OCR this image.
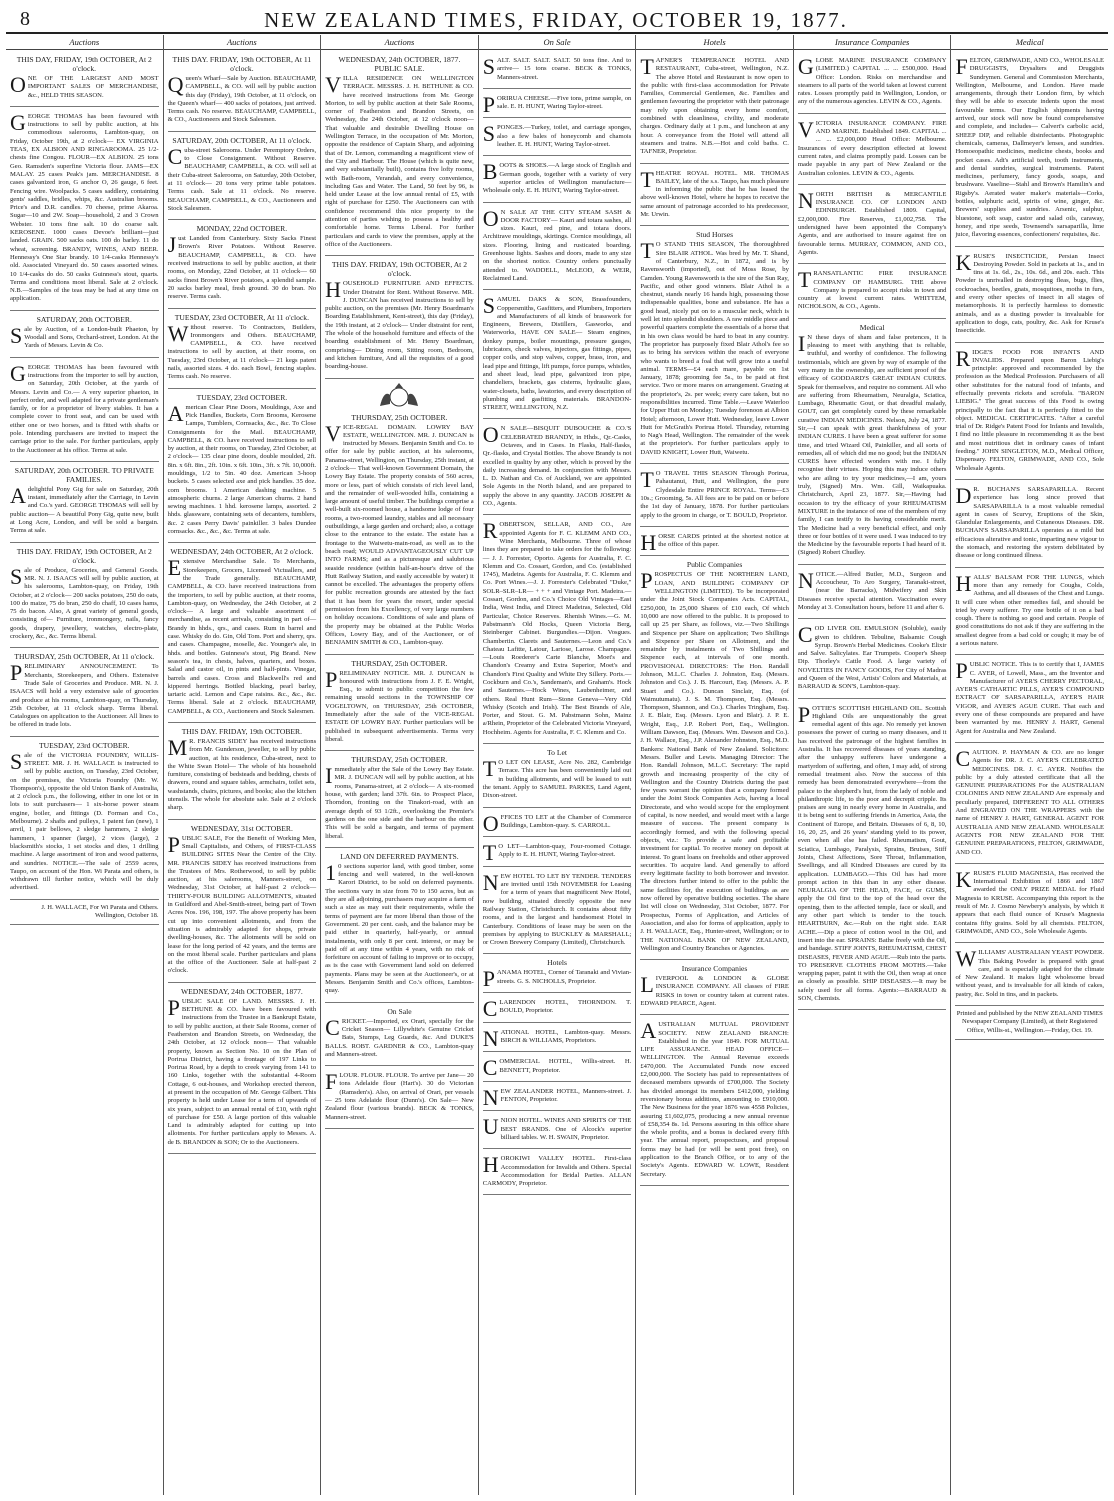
8	NEW ZEALAND TIMES, FRIDAY, OCTOBER 19, 1877.
Auctions
THIS DAY, FRIDAY, 19th OCTOBER, At 2 o'clock.

ONE OF THE LARGEST AND MOST IMPORTANT SALES OF MERCHANDISE, &c., HELD THIS SEASON.

GEORGE THOMAS has been favoured with instructions to sell by public auction, at his commodious salerooms, Lambton-quay, on Friday, October 19th, at 2 o'clock— EX VIRGINIA TEAS, EX ALBION AND RINGAROOMA. 25 1/2-chests fine Congou. FLOUR—EX ALBION. 25 tons Geo. Ramsden's superfine Victoria flour. JAMS—EX MALAY. 25 cases Peak's jam. MERCHANDISE. 8 cases galvanized iron, G anchor O, 26 gauge, 6 feet. Fencing wire. Woolpacks. 5 cases saddlery, containing gents' saddles, bridles, whips, &c. Australian brooms. Price's and D.R. candles. 70 cheese, prime Akaroa. Sugar—10 and 2W. Soap—household, 2 and 3 Crown Webster. 10 tons fine salt. 10 do coarse salt. KEROSENE. 1000 cases Devoe's brilliant—just landed. GRAIN. 500 sacks oats. 100 do barley. 11 do wheat, screening. BRANDY, WINES, AND BEER. Hennessy's One Star brandy. 10 1/4-casks Hennessy's old. Associated Vineyard do. 50 cases assorted wines. 10 1/4-casks do do. 50 casks Guinness's stout, quarts. Terms and conditions most liberal. Sale at 2 o'clock. N.B.—Samples of the teas may be had at any time on application.

SATURDAY, 20th OCTOBER.

Sale by Auction, of a London-built Phaeton, by Woodall and Sons, Orchard-street, London. At the Yards of Messrs. Levin & Co.

GEORGE THOMAS has been favoured with instructions from the importer to sell by auction, on Saturday, 20th October, at the yards of Messrs. Levin and Co.— A very superior phaeton, in perfect order, and well adapted for a private gentleman's family, or for a proprietor of livery stables. It has a complete cover to front seat, and can be used with either one or two horses, and is fitted with shafts or pole. Intending purchasers are invited to inspect the carriage prior to the sale. For further particulars, apply to the Auctioneer at his office. Terms at sale.

SATURDAY, 20th OCTOBER. TO PRIVATE FAMILIES.

A delightful Pony Gig for sale on Saturday, 20th instant, immediately after the Carriage, in Levin and Co.'s yard. GEORGE THOMAS will sell by public auction— A beautiful Pony Gig, quite new, built at Long Acre, London, and will be sold a bargain. Terms at sale.

THIS DAY. FRIDAY, 19th OCTOBER, At 2 o'clock.

Sale of Produce, Groceries, and General Goods. MR. N. J. ISAACS will sell by public auction, at his salerooms, Lambton-quay, on Friday, 19th October, at 2 o'clock— 200 sacks potatoes, 250 do oats, 100 do maize, 75 do bran, 250 do chaff, 10 cases hams, 75 do bacon. Also, A great variety of general goods, consisting of— Furniture, ironmongery, nails, fancy goods, drapery, jewellery, watches, electro-plate, crockery, &c., &c. Terms liberal.

THURSDAY, 25th OCTOBER, At 11 o'clock.

PRELIMINARY ANNOUNCEMENT. To Merchants, Storekeepers, and Others. Extensive Trade Sale of Groceries and Produce. MR. N. J. ISAACS will hold a very extensive sale of groceries and produce at his rooms, Lambton-quay, on Thursday, 25th October, at 11 o'clock sharp. Terms liberal. Catalogues on application to the Auctioneer. All lines to be offered in trade lots.

TUESDAY, 23rd OCTOBER.

Sale of the VICTORIA FOUNDRY, WILLIS-STREET. MR. J. H. WALLACE is instructed to sell by public auction, on Tuesday, 23rd October, on the premises, the Victoria Foundry (Mr. W. Thompson's), opposite the old Union Bank of Australia, at 2 o'clock p.m., the following, either in one lot or in lots to suit purchasers— 1 six-horse power steam engine, boiler, and fittings (D. Forman and Co., Melbourne). 2 shafts and pulleys, 1 patent fan (new), 1 anvil, 1 pair bellows, 2 sledge hammers, 2 sledge hammers, 1 spanner (large), 2 vices (large), 2 blacksmith's stocks, 1 set stocks and dies, 1 drilling machine. A large assortment of iron and wood patterns, and sundries. NOTICE.—The sale of 2559 acres, Taupo, on account of the Hon. Wi Parata and others, is withdrawn till further notice, which will be duly advertised.

J. H. WALLACE, For Wi Parata and Others. Wellington, October 18.
Auctions
THIS DAY. FRIDAY, 19th OCTOBER, At 11 o'clock.

Queen's Wharf—Sale by Auction. BEAUCHAMP, CAMPBELL, & CO. will sell by public auction this day (Friday), 19th October, at 11 o'clock, on the Queen's wharf— 400 sacks of potatoes, just arrived. Terms cash. No reserve. BEAUCHAMP, CAMPBELL, & CO., Auctioneers and Stock Salesmen.

SATURDAY, 20th OCTOBER, At 11 o'clock.

Cuba-street Salerooms. Under Peremptory Orders, to Close Consignment. Without Reserve. BEAUCHAMP, CAMPBELL, & CO. will sell at their Cuba-street Salerooms, on Saturday, 20th October, at 11 o'clock— 20 tons very prime table potatoes. Terms cash. Sale at 11 o'clock. No reserve. BEAUCHAMP, CAMPBELL, & CO., Auctioneers and Stock Salesmen.

MONDAY, 22nd OCTOBER.

Just Landed from Canterbury. Sixty Sacks Finest Brown's River Potatoes. Without Reserve. BEAUCHAMP, CAMPBELL, & CO. have received instructions to sell by public auction, at their rooms, on Monday, 22nd October, at 11 o'clock— 60 sacks finest Brown's River potatoes, a splendid sample. 20 sacks barley meal, fresh ground. 30 do bran. No reserve. Terms cash.

TUESDAY, 23rd OCTOBER, At 11 o'clock.

Without reserve. To Contractors, Builders, Ironmongers and Others. BEAUCHAMP, CAMPBELL, & CO. have received instructions to sell by auction, at their rooms, on Tuesday, 23rd October, at 11 o'clock— 21 kegs patent nails, assorted sizes. 4 do. each Bowl, fencing staples. Terms cash. No reserve.

TUESDAY, 23rd OCTOBER.

American Clear Pine Doors, Mouldings, Axe and Pick Handles, Buckets, Corn Brooms, Kerosene Lamps, Tumblers, Cornsacks, &c., &c. To Close Consignments for the Mail. BEAUCHAMP, CAMPBELL, & CO. have received instructions to sell by auction, at their rooms, on Tuesday, 23rd October, at 2 o'clock— 135 clear pine doors, double moulded, 2ft. 8in. x 6ft. 8in., 2ft. 10in. x 6ft. 10in., 3ft. x 7ft. 10,000ft. mouldings, 1/2 to 5in. 40 doz. American 3-hoop buckets. 5 cases selected axe and pick handles. 35 doz. corn brooms. 1 American dashing machine. 5 atmospheric churns. 2 large American churns. 2 hand sewing machines. 1 hhd. kerosene lamps, assorted. 2 hhds. glassware, containing sets of decanters, tumblers, &c. 2 cases Perry Davis' painkiller. 3 bales Dundee cornsacks. &c., &c., &c. Terms at sale.

WEDNESDAY, 24th OCTOBER, At 2 o'clock.

Extensive Merchandise Sale. To Merchants, Storekeepers, Grocers, Licensed Victuallers, and the Trade generally. BEAUCHAMP, CAMPBELL, & CO. have received instructions from the importers, to sell by public auction, at their rooms, Lambton-quay, on Wednesday, the 24th October, at 2 o'clock— A large and valuable assortment of merchandise, as recent arrivals, consisting in part of— Brandy in hhds., qrs., and cases. Rum in barrel and case. Whisky do do. Gin, Old Tom. Port and sherry, qrs. and cases. Champagne, moselle, &c. Younger's ale, in hhds. and bottles. Guinness's stout, Pig Brand. New season's tea, in chests, halves, quarters, and boxes. Salad and castor oil, in pints and half-pints. Vinegar, barrels and cases. Cross and Blackwell's red and kippered herrings. Bottled blacking, pearl barley, tartaric acid. Lemon and Cape raisins. &c., &c., &c. Terms liberal. Sale at 2 o'clock. BEAUCHAMP, CAMPBELL, & CO., Auctioneers and Stock Salesmen.

THIS DAY. FRIDAY, 19th OCTOBER.

M R. FRANCIS SIDEY has received instructions from Mr. Gunderson, jeweller, to sell by public auction, at his residence, Cuba-street, next to the White Swan Hotel— The whole of his household furniture, consisting of bedsteads and bedding, chests of drawers, round and square tables, armchairs, toilet sets, washstands, chairs, pictures, and books; also the kitchen utensils. The whole for absolute sale. Sale at 2 o'clock sharp.

WEDNESDAY, 31st OCTOBER.

PUBLIC SALE, For the Benefit of Working Men, Small Capitalists, and Others, of FIRST-CLASS BUILDING SITES Near the Centre of the City. MR. FRANCIS SIDEY has received instructions from the Trustees of Mrs. Rotherwood, to sell by public auction, at his salerooms, Manners-street, on Wednesday, 31st October, at half-past 2 o'clock— THIRTY-FOUR BUILDING ALLOTMENTS, situated in Guildford and Abel-Smith-street, being part of Town Acres Nos. 196, 198, 197. The above property has been cut up into convenient allotments, and from the situation is admirably adapted for shops, private dwelling-houses, &c. The allotments will be sold on lease for the long period of 42 years, and the terms are on the most liberal scale. Further particulars and plans at the office of the Auctioneer. Sale at half-past 2 o'clock.

WEDNESDAY, 24th OCTOBER, 1877.

PUBLIC SALE OF LAND. MESSRS. J. H. BETHUNE & CO. have been favoured with instructions from the Trustee in a Bankrupt Estate, to sell by public auction, at their Sale Rooms, corner of Featherston and Brandon Streets, on Wednesday, the 24th October, at 12 o'clock noon— That valuable property, known as Section No. 10 on the Plan of Porirua District, having a frontage of 197 Links to Porirua Road, by a depth to creek varying from 141 to 160 Links, together with the substantial 4-Room Cottage, 6 out-houses, and Workshop erected thereon, at present in the occupation of Mr. George Gilbert. This property is held under Lease for a term of upwards of six years, subject to an annual rental of £10, with right of purchase for £50. A large portion of this valuable Land is admirably adapted for cutting up into allotments. For further particulars apply to Messrs. A. de B. BRANDON & SON; Or to the Auctioneers.

Auctions
WEDNESDAY, 24th OCTOBER, 1877. PUBLIC SALE.

VILLA RESIDENCE ON WELLINGTON TERRACE. MESSRS. J. H. BETHUNE & CO. have received instructions from Mr. George Morton, to sell by public auction at their Sale Rooms, corner of Featherston and Brandon Streets, on Wednesday, the 24th October, at 12 o'clock noon— That valuable and desirable Dwelling House on Wellington Terrace, in the occupation of Mr. Morton, opposite the residence of Captain Sharp, and adjoining that of Dr. Lemon, commanding a magnificent view of the City and Harbour. The House (which is quite new, and very substantially built), contains five lofty rooms, with Bath-room, Verandah, and every convenience, including Gas and Water. The Land, 50 feet by 96, is held under Lease at the low annual rental of £5, with right of purchase for £250. The Auctioneers can with confidence recommend this nice property to the attention of parties wishing to possess a healthy and comfortable home. Terms Liberal. For further particulars and cards to view the premises, apply at the office of the Auctioneers.

THIS DAY. FRIDAY, 19th OCTOBER, At 2 o'clock.

HOUSEHOLD FURNITURE AND EFFECTS. Under Distraint for Rent. Without Reserve. MR. J. DUNCAN has received instructions to sell by public auction, on the premises (Mr. Henry Boardman's Boarding Establishment, Kent-street), this day (Friday), the 19th instant, at 2 o'clock— Under distraint for rent, The whole of the household furniture and effects of the boarding establishment of Mr. Henry Boardman, comprising— Dining room, Sitting room, Bedroom, and kitchen furniture, And all the requisites of a good boarding-house.

THURSDAY, 25th OCTOBER.

VICE-REGAL DOMAIN. LOWRY BAY ESTATE, WELLINGTON. MR. J. DUNCAN is instructed by Messrs. Benjamin Smith and Co. to offer for sale by public auction, at his salerooms, Panama-street, Wellington, on Thursday, 25th instant, at 2 o'clock— That well-known Government Domain, the Lowry Bay Estate. The property consists of 560 acres, more or less, part of which consists of rich level land, and the remainder of well-wooded hills, containing a large amount of useful timber. The buildings comprise a well-built six-roomed house, a handsome lodge of four rooms, a two-roomed laundry, stables and all necessary outbuildings, a large garden and orchard; also, a cottage close to the entrance to the estate. The estate has a frontage to the Waiwetu-main-road, as well as to the beach road; WOULD ADVANTAGEOUSLY CUT UP INTO FARMS; and as a picturesque and salubrious seaside residence (within half-an-hour's drive of the Hutt Railway Station, and easily accessible by water) it cannot be excelled. The advantages the property offers for public recreation grounds are attested by the fact that it has been for years the resort, under special permission from his Excellency, of very large numbers on holiday occasions. Conditions of sale and plans of the property may be obtained at the Public Works Offices, Lowry Bay, and of the Auctioneer, or of BENJAMIN SMITH & CO., Lambton-quay.

THURSDAY, 25th OCTOBER.

PRELIMINARY NOTICE. MR. J. DUNCAN is honoured with instructions from J. F. E. Wright, Esq., to submit to public competition the few remaining unsold sections in the TOWNSHIP OF VOGELTOWN, on THURSDAY, 25th OCTOBER, Immediately after the sale of the VICE-REGAL ESTATE OF LOWRY BAY. Further particulars will be published in subsequent advertisements. Terms very liberal.

THURSDAY, 25th OCTOBER.

Immediately after the Sale of the Lowry Bay Estate. MR. J. DUNCAN will sell by public auction, at his rooms, Panama-street, at 2 o'clock— A six-roomed house, with garden; land 37ft. 6in. to Prospect Place, Thorndon, fronting on the Tinakori-road, with an average depth of 93 1/2ft., overlooking the Premier's gardens on the one side and the harbour on the other. This will be sold a bargain, and terms of payment liberal.

LAND ON DEFERRED PAYMENTS.

1 0 sections superior land, with good timber, some fencing and well watered, in the well-known Karori District, to be sold on deferred payments. The sections vary in size from 70 to 150 acres, but as they are all adjoining, purchasers may acquire a farm of such a size as may suit their requirements, while the terms of payment are far more liberal than those of the Government. 20 per cent. cash, and the balance may be paid either in quarterly, half-yearly, or annual instalments, with only 8 per cent. interest, or may be paid off at any time within 4 years, with no risk of forfeiture on account of failing to improve or to occupy, as is the case with Government land sold on deferred payments. Plans may be seen at the Auctioneer's, or at Messrs. Benjamin Smith and Co.'s offices, Lambton-quay.

On Sale

CRICKET.—Imported, ex Orari, specially for the Cricket Season— Lillywhite's Genuine Cricket Bats, Stumps, Leg Guards, &c. And DUKE'S BALLS. ROBT. GARDNER & CO., Lambton-quay and Manners-street.

FLOUR. FLOUR. FLOUR. To arrive per Jane— 20 tons Adelaide flour (Hart's). 30 do Victorian (Ramsden's). Also, on arrival of Orari, per vessels— 25 tons Adelaide flour (Dunn's). On Sale— New Zealand flour (various brands). BECK & TONKS, Manners-street.

On Sale

SALT. SALT. SALT. SALT. 50 tons fine. And to arrive— 15 tons coarse. BECK & TONKS, Manners-street.

PORIRUA CHEESE.—Five tons, prime sample, on sale. E. H. HUNT, Waring Taylor-street.

SPONGES.—Turkey, toilet, and carriage sponges, also a few bales of honeycomb and chamois leather. E. H. HUNT, Waring Taylor-street.

BOOTS & SHOES.—A large stock of English and German goods, together with a variety of very superior articles of Wellington manufacture—Wholesale only. E. H. HUNT, Waring Taylor-street.

O N SALE AT THE CITY STEAM SASH & DOOR FACTORY— Kauri and totara sashes, all sizes. Kauri, red pine, and totara doors. Architrave mouldings, skirtings. Cornice mouldings, all sizes. Flooring, lining and rusticated boarding. Greenhouse lights. Sashes and doors, made to any size on the shortest notice. Country orders punctually attended to. WADDELL, McLEOD, & WEIR, Reclaimed Land.

SAMUEL DAKS & SON, Brassfounders, Coppersmiths, Gasfitters, and Plumbers, Importers and Manufacturers of all kinds of brasswork for Engineers, Brewers, Distillers, Gasworks, and Waterworks, HAVE ON SALE— Steam engines, donkey pumps, boiler mountings, pressure gauges, lubricators, check valves, injectors, gas fittings, pipes, copper coils, and stop valves, copper, brass, iron, and lead pipe and fittings, lift pumps, force pumps, whistles, and sheet lead, lead pipe, galvanized iron pipe, chandeliers, brackets, gas cisterns, hydraulic glass, water-closets, baths, lavatories, and every description of plumbing and gasfitting materials. BRANDON-STREET, WELLINGTON, N.Z.

O N SALE—BISQUIT DUBOUCHE & CO.'S CELEBRATED BRANDY, in Hhds., Qr.-Casks, Octaves, and in Cases. In Flasks, Half-flasks, Qr.-flasks, and Crystal Bottles. The above Brandy is not excelled in quality by any other, which is proved by the daily increasing demand. In conjunction with Messrs. L. D. Nathan and Co. of Auckland, we are appointed Sole Agents in the North Island, and are prepared to supply the above in any quantity. JACOB JOSEPH & CO., Agents.

ROBERTSON, SELLAR, AND CO., Are appointed Agents for F. C. KLEMM AND CO., Wine Merchants, Melbourne. Three of whose lines they are prepared to take orders for the following:— J. J. Forrester, Oporto. Agents for Australia, F. C. Klemm and Co. Cossart, Gordon, and Co. (established 1745), Madeira. Agents for Australia, F. C. Klemm and Co. Port Wines.—J. J. Forrester's Celebrated "Duke," SOLR–SLR–LR— + + + and Vintage Port. Madeira.—Cossart, Gordon, and Co.'s Choice Old Vintages—East India, West India, and Direct Madeiras, Selected, Old Particular, Choice Reserves. Rhenish Wines.—G. M. Pabstmann's Old Hocks, Queen Victoria Berg, Steinberger Cabinet. Burgundies.—Dijon. Vosgues. Chambertin. Clarets and Sauternes.—Leon and Co.'s Chateau Lafitte, Latour, Lariose, Larose. Champagne.—Louis Roederer's Carte Blanche, Moet's and Chandon's Creamy and Extra Superior, Moet's and Chandon's First Quality and White Dry Sillery. Ports.—Cockburn and Co.'s, Sandeman's, and Graham's. Hock and Sauternes.—Hock Wines, Laubenheimer, and others. Real Hunt Rum—Stone Geneva—Very Old Whisky (Scotch and Irish). The Best Brands of Ale, Porter, and Stout. G. M. Pabstmann Sohn, Mainz a/Rhein, Proprietor of the Celebrated Victoria Vineyard, Hochheim. Agents for Australia, F. C. Klemm and Co.

To Let

T O LET ON LEASE, Acre No. 282, Cambridge Terrace. This acre has been conveniently laid out in building allotments, and will be leased to suit the tenant. Apply to SAMUEL PARKES, Land Agent, Dixon-street.

OFFICES TO LET at the Chamber of Commerce Buildings, Lambton-quay. S. CARROLL.

T O LET—Lambton-quay, Four-roomed Cottage. Apply to E. H. HUNT, Waring Taylor-street.

NEW HOTEL TO LET BY TENDER. TENDERS are invited until 15th NOVEMBER for Leasing for a term of years that magnificent New Hotel, now building, situated directly opposite the new Railway Station, Christchurch. It contains about fifty rooms, and is the largest and handsomest Hotel in Canterbury. Conditions of lease may be seen on the premises by applying to BUCKLEY & MARSHALL; or Crown Brewery Company (Limited), Christchurch.

Hotels

PANAMA HOTEL, Corner of Taranaki and Vivian-streets. G. S. NICHOLLS, Proprietor.

CLARENDON HOTEL, THORNDON. T. BOULD, Proprietor.

NATIONAL HOTEL, Lambton-quay. Messrs. BIRCH & WILLIAMS, Proprietors.

COMMERCIAL HOTEL, Willis-street. H. BENNETT, Proprietor.

NEW ZEALANDER HOTEL, Manners-street. J. FENTON, Proprietor.

UNION HOTEL. WINES AND SPIRITS OF THE BEST BRANDS. One of Alcock's superior billiard tables. W. H. SWAIN, Proprietor.

HOROKIWI VALLEY HOTEL. First-class Accommodation for Invalids and Others. Special Accommodation for Bridal Parties. ALLAN CARMODY, Proprietor.

Hotels

TAFNER'S TEMPERANCE HOTEL AND RESTAURANT, Cuba-street, Wellington, N.Z. The above Hotel and Restaurant is now open to the public with first-class accommodation for Private Families, Commercial Gentlemen, &c. Families and gentlemen favouring the proprietor with their patronage may rely upon obtaining every home comfort, combined with cleanliness, civility, and moderate charges. Ordinary daily at 1 p.m., and luncheon at any hour. A conveyance from the Hotel will attend all steamers and trains. N.B.—Hot and cold baths. C. TAFNER, Proprietor.

THEATRE ROYAL HOTEL. MR. THOMAS BAILEY, late of the s.s. Taupo, has much pleasure in informing the public that he has leased the above well-known Hotel, where he hopes to receive the same amount of patronage accorded to his predecessor, Mr. Urwin.

Stud Horses

T O STAND THIS SEASON, The thoroughbred Sire BLAIR ATHOL. Was bred by Mr. T. Shand, of Canterbury, N.Z., in 1872, and is by Ravensworth (imported), out of Moss Rose, by Camden. Young Ravensworth is the sire of the Sun Ray, Pacific, and other good winners. Blair Athol is a chestnut, stands nearly 16 hands high, possessing those indispensable qualities, bone and substance. He has a good head, nicely put on to a muscular neck, which is well let into splendid shoulders. A raw middle piece and powerful quarters complete the essentials of a horse that in his own class would be hard to beat in any country. The proprietor has purposely fixed Blair Athol's fee so as to bring his services within the reach of everyone who wants to breed a foal that will grow into a useful animal. TERMS—£4 each mare, payable on 1st January, 1878; grooming fee 5s., to be paid at first service. Two or more mares on arrangement. Grazing at the proprietor's, 2s. per week; every care taken, but no responsibilities incurred. Time Table.—Leave Waterloo for Upper Hutt on Monday; Tuesday forenoon at Albion Hotel; afternoon, Lower Hutt. Wednesday, leave Lower Hutt for McGrath's Porirua Hotel. Thursday, returning to Nag's Head, Wellington. The remainder of the week at the proprietor's. For further particulars apply to DAVID KNIGHT, Lower Hutt, Waiwetu.

T O TRAVEL THIS SEASON Through Porirua, Pahautanui, Hutt, and Wellington, the pure Clydesdale Entire PRINCE ROYAL. Terms—£3 10s.; Grooming, 5s. All fees are to be paid on or before the 1st day of January, 1878. For further particulars apply to the groom in charge, or T. BOULD, Proprietor.

HORSE CARDS printed at the shortest notice at the office of this paper.

Public Companies

PROSPECTUS OF THE NORTHERN LAND, LOAN, AND BUILDING COMPANY OF WELLINGTON (LIMITED). To be incorporated under the Joint Stock Companies Acts. CAPITAL, £250,000, In 25,000 Shares of £10 each, Of which 10,000 are now offered to the public. It is proposed to call up 25 per Share, as follows, viz.—Two Shillings and Sixpence per Share on application; Two Shillings and Sixpence per Share on Allotment, and the remainder by instalments of Two Shillings and Sixpence each, at intervals of one month. PROVISIONAL DIRECTORS: The Hon. Randall Johnson, M.L.C. Charles J. Johnston, Esq. (Messrs. Johnston and Co.). J. B. Harcourt, Esq. (Messrs. A. P. Stuart and Co.). Duncan Sinclair, Esq. (of Waimutumatu). J. S. M. Thompson, Esq. (Messrs. Thompson, Shannon, and Co.). Charles Tringham, Esq. J. E. Blair, Esq. (Messrs. Lyon and Blair). J. P. E. Wright, Esq., J.P. Robert Port, Esq., Wellington. William Dawson, Esq. (Messrs. Wm. Dawson and Co.). J. H. Wallace, Esq., J.P. Alexander Johnston, Esq., M.D. Bankers: National Bank of New Zealand. Solicitors: Messrs. Buller and Lewis. Managing Director: The Hon. Randall Johnson, M.L.C. Secretary: The rapid growth and increasing prosperity of the city of Wellington and the Country Districts during the past few years warrant the opinion that a company formed under the Joint Stock Companies Acts, having a local Directorate, and who would scope for the employment of capital, is now needed, and would meet with a large measure of success. The present company is accordingly formed, and with the following special objects, viz.: To provide a safe and profitable investment for capital. To receive money on deposit at interest. To grant loans on freeholds and other approved securities. To acquire land. And generally to afford every legitimate facility to both borrower and investor. The directors further intend to offer to the public the same facilities for, the execution of buildings as are now offered by operative building societies. The share list will close on Wednesday, 31st October, 1877. For Prospectus, Forms of Application, and Articles of Association, and also for forms of application, apply to J. H. WALLACE, Esq., Hunter-street, Wellington; or to THE NATIONAL BANK OF NEW ZEALAND, Wellington and Country Branches or Agencies.

Insurance Companies

LIVERPOOL & LONDON & GLOBE INSURANCE COMPANY. All classes of FIRE RISKS in town or country taken at current rates. EDWARD PEARCE, Agent.

AUSTRALIAN MUTUAL PROVIDENT SOCIETY. NEW ZEALAND BRANCH: Established in the year 1849. FOR MUTUAL LIFE ASSURANCE. HEAD OFFICE—WELLINGTON. The Annual Revenue exceeds £470,000. The Accumulated Funds now exceed £2,000,000. The Society has paid to representatives of deceased members upwards of £700,000. The Society has divided amongst its members £412,000, yielding reversionary bonus additions, amounting to £910,000. The New Business for the year 1876 was 4558 Policies, assuring £1,602,075, producing a new annual revenue of £58,354 8s. 1d. Persons assuring in this office share the whole profits, and a bonus is declared every fifth year. The annual report, prospectuses, and proposal forms may be had (or will be sent post free), on application to the Branch Office, or to any of the Society's Agents. EDWARD W. LOWE, Resident Secretary.

Insurance Companies

GLOBE MARINE INSURANCE COMPANY (LIMITED.) CAPITAL ... ... £500,000. Head Office: London. Risks on merchandise and steamers to all parts of the world taken at lowest current rates. Losses promptly paid in Wellington, London, or any of the numerous agencies. LEVIN & CO., Agents.

VICTORIA INSURANCE COMPANY. FIRE AND MARINE. Established 1849. CAPITAL ... ... ... £2,000,000 Head Office: Melbourne. Insurances of every description effected at lowest current rates, and claims promptly paid. Losses can be made payable in any part of New Zealand or the Australian colonies. LEVIN & CO., Agents.

NORTH BRITISH & MERCANTILE INSURANCE CO. OF LONDON AND EDINBURGH. Established 1809. Capital, £2,000,000. Fire Reserves, £1,002,758. The undersigned have been appointed the Company's Agents, and are authorised to insure against fire on favourable terms. MURRAY, COMMON, AND CO., Agents.

TRANSATLANTIC FIRE INSURANCE COMPANY OF HAMBURG. THE above Company is prepared to accept risks in town and country at lowest current rates. WHITTEM, NICHOLSON, & CO., Agents.

Medical

I N these days of sham and false pretences, it is pleasing to meet with anything that is reliable, truthful, and worthy of confidence. The following testimonials, which are given by way of example of the very many in the ownership, are sufficient proof of the efficacy of GODDARD'S GREAT INDIAN CURES. Speak for themselves, and require no comment. All who are suffering from Rheumatism, Neuralgia, Sciatica, Lumbago, Rheumatic Gout, or that dreadful malady, GOUT, can get completely cured by these remarkable curative INDIAN MEDICINES. Nelson, July 24, 1877. Sir,—I can speak with great thankfulness of your INDIAN CURES. I have been a great sufferer for some time, and tried Wizard Oil, Painkiller, and all sorts of remedies, all of which did me no good; but the INDIAN CURES have effected wonders with me. I fully recognise their virtues. Hoping this may induce others who are ailing to try your medicines,—I am, yours truly, (Signed) Mrs. Wm. Gill, Waikapuaka. Christchurch, April 23, 1877. Sir,—Having had occasion to try the efficacy of your RHEUMATISM MIXTURE in the instance of one of the members of my family, I can testify to its having considerable merit. The Medicine had a very beneficial effect, and only three or four bottles of it were used. I was induced to try the Medicine by the favourable reports I had heard of it. (Signed) Robert Chudley.

NOTICE.—Alfred Butler, M.D., Surgeon and Accoucheur, To Aro Surgery, Taranaki-street, (near the Barracks), Midwifery and Skin Diseases receive special attention. Vaccination every Monday at 3. Consultation hours, before 11 and after 6.

COD LIVER OIL EMULSION (Soluble), easily given to children. Tebuline, Balsamic Cough Syrup. Brown's Herbal Medicines. Cooke's Elixir and Salve. Salicylates. Ear Trumpets. Cooper's Sheep Dip. Thorley's Cattle Food. A large variety of NOVELTIES IN FANCY GOODS, For City of Madras and Queen of the West, Artists' Colors and Materials, at BARRAUD & SON'S, Lambton-quay.

POTTIE'S SCOTTISH HIGHLAND OIL. Scottish Highland Oils are unquestionably the great remedial agent of this age. No remedy yet known possesses the power of curing so many diseases, and it has received the patronage of the highest families in Australia. It has recovered diseases of years standing, after the unhappy sufferers have undergone a martyrdom of suffering, and often, I may add, of strong remedial treatment also. Now the success of this remedy has been demonstrated everywhere—from the palace to the shepherd's hut, from the lady of noble and philanthropic life, to the poor and decrepit cripple. Its praises are sung in nearly every home in Australia, and it is being sent to suffering friends in America, Asia, the Continent of Europe, and Britain. Diseases of 6, 8, 10, 16, 20, 25, and 26 years' standing yield to its power, even when all else has failed. Rheumatism, Gout, Sciatica, Lumbago, Paralysis, Sprains, Bruises, Stiff Joints, Chest Affections, Sore Throat, Inflammation, Swellings, and all Kindred Diseases are cured by its application. LUMBAGO.—This Oil has had more prompt action in this than in any other disease. NEURALGIA OF THE HEAD, FACE, or GUMS, apply the Oil first to the top of the head over the opening, then to the affected temple, face or skull, and any other part which is tender to the touch. HEARTBURN, &c.—Rub on the right side. EAR ACHE.—Dip a piece of cotton wool in the Oil, and insert into the ear. SPRAINS: Bathe freely with the Oil, and bandage. STIFF JOINTS, RHEUMATISM, CHEST DISEASES, FEVER AND AGUE.—Rub into the parts. TO PRESERVE CLOTHES FROM MOTHS.—Take wrapping paper, paint it with the Oil, then wrap at once as closely as possible. SHIP DISEASES.—It may be safely used for all forms. Agents:—BARRAUD & SON, Chemists.

Medical

FELTON, GRIMWADE, AND CO., WHOLESALE DRUGGISTS, Drysalters and Druggists Sundrymen. General and Commission Merchants, Wellington, Melbourne, and London. Have made arrangements, through their London firm, by which they will be able to execute indents upon the most favourable terms. Our English shipments having arrived, our stock will now be found comprehensive and complete, and includes— Calvert's carbolic acid, SHEEP DIP, and reliable disinfectants. Photographic chemicals, cameras, Dallmeyer's lenses, and sundries. Homoeopathic medicines, medicine chests, books and pocket cases. Adt's artificial teeth, tooth instruments, and dental sundries, surgical instruments. Patent medicines, perfumery, fancy goods, soaps, and brushware. Vaseline—Stahl and Brown's Hamilin's and Rigsby's. Aerated water maker's materials—Corks, bottles, sulphuric acid, spirits of wine, ginger, &c. Brewers' supplies and sundries. Arsenic, sulphur, bluestone, soft soap, castor and salad oils, caraway, honey, and ripe seeds, Townsend's sarsaparilla, lime juice, flavoring essences, confectioners' requisites, &c.

KRUSE'S INSECTICIDE, Persian Insect Destroying Powder. Sold in packets at 1s., and in tins at 1s. 6d., 2s., 10s. 6d., and 20s. each. This Powder is unrivalled in destroying fleas, bugs, flies, cockroaches, beetles, gnats, mosquitoes, moths in furs, and every other species of insect in all stages of metamorphosis. It is perfectly harmless to domestic animals, and as a dusting powder is invaluable for application to dogs, cats, poultry, &c. Ask for Kruse's Insecticide.

RIDGE'S FOOD FOR INFANTS AND INVALIDS. Prepared upon Baron Liebig's principle: approved and recommended by the profession as the Medical Profession. Purchasers of all other substitutes for the natural food of infants, and effectually prevents rickets and scrofula. "BARON LIEBIG." The great success of this Food is owing principally to the fact that it is perfectly fitted to the object. MEDICAL CERTIFICATES. "After a careful trial of Dr. Ridge's Patent Food for Infants and Invalids, I find no little pleasure in recommending it as the best and most nutritious diet in ordinary cases of infant feeding." JOHN SINGLETON, M.D., Medical Officer, Dispensary. FELTON, GRIMWADE, AND CO., Sole Wholesale Agents.

D R. BUCHAN'S SARSAPARILLA. Recent experience has long since proved that SARSAPARILLA is a most valuable remedial agent in cases of Scurvy, Eruptions of the Skin, Glandular Enlargements, and Cutaneous Diseases. DR. BUCHAN'S SARSAPARILLA operates as a mild but efficacious alterative and tonic, imparting new vigour to the stomach, and restoring the system debilitated by disease or long continued illness.

HALLS' BALSAM FOR THE LUNGS, which more than any remedy for Coughs, Colds, Asthma, and all diseases of the Chest and Lungs. It will cure when other remedies fail, and should be tried by every sufferer. Try one bottle of it on a bad cough. There is nothing so good and certain. People of good constitutions do not ask if they are suffering in the smallest degree from a bad cold or cough; it may be of a serious nature.

PUBLIC NOTICE. This is to certify that I, JAMES C. AYER, of Lowell, Mass., am the Inventor and Manufacturer of AYER'S CHERRY PECTORAL, AYER'S CATHARTIC PILLS, AYER'S COMPOUND EXTRACT OF SARSAPARILLA, AYER'S HAIR VIGOR, and AYER'S AGUE CURE. That each and every one of these compounds are prepared and have been warranted by me. HENRY J. HART, General Agent for Australia and New Zealand.

CAUTION. P. HAYMAN & CO. are no longer Agents for DR. J. C. AYER'S CELEBRATED MEDICINES. DR. J. C. AYER. Notifies the public by a duly attested certificate that all the GENUINE PREPARATIONS For the AUSTRALIAN COLONIES AND NEW ZEALAND Are expressly and peculiarly prepared, DIFFERENT TO ALL OTHERS And ENGRAVED ON THE WRAPPERS with the name of HENRY J. HART, GENERAL AGENT FOR AUSTRALIA AND NEW ZEALAND. WHOLESALE AGENTS FOR NEW ZEALAND FOR THE GENUINE PREPARATIONS, FELTON, GRIMWADE, AND CO.

KRUSE'S FLUID MAGNESIA, Has received the International Exhibition of 1866 and 1867 awarded the ONLY PRIZE MEDAL for Fluid Magnesia to KRUSE. Accompanying this report is the result of Mr. J. Cosmo Newbery's analysis, by which it appears that each fluid ounce of Kruse's Magnesia contains fifty grains. Sold by all chemists. FELTON, GRIMWADE, AND CO., Sole Wholesale Agents.

WILLIAMS' AUSTRALIAN YEAST POWDER. This Baking Powder is prepared with great care, and is especially adapted for the climate of New Zealand. It makes light wholesome bread without yeast, and is invaluable for all kinds of cakes, pastry, &c. Sold in tins, and in packets.

Printed and published by the NEW ZEALAND TIMES Newspaper Company (Limited), at their Registered Office, Willis-st., Wellington.—Friday, Oct. 19.
